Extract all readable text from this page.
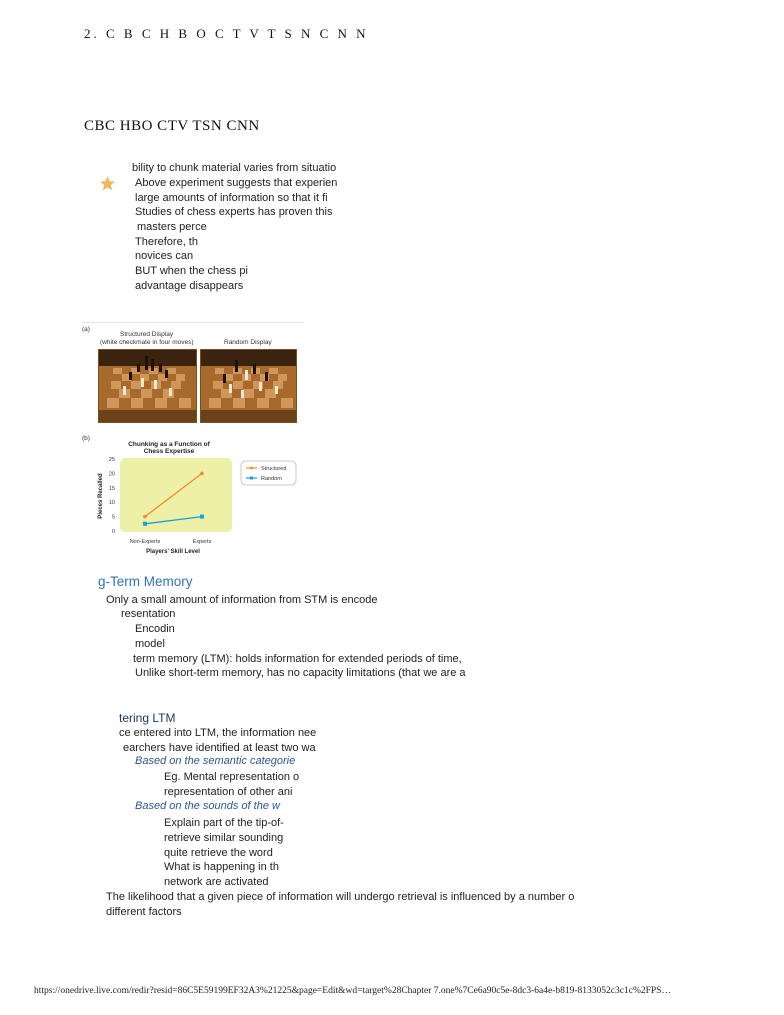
2. C B C H B O C T V T S N C N N
CBC HBO CTV TSN CNN
bility to chunk material varies from situatio
Above experiment suggests that experien
large amounts of information so that it fi
Studies of chess experts has proven this
masters perce
Therefore, th
novices can
BUT when the chess pi
advantage disappears
(a)
Structured Display
(white checkmate in four moves)	Random Display
(b)
Chunking as a Function of
Chess Expertise
0
5
10
15
20
25
Pieces Recalled
Non-Experts	Experts
Players' Skill Level
Structured
Random
g-Term Memory
Only a small amount of information from STM is encode
resentation
Encodin
model
term memory (LTM): holds information for extended periods of time,
Unlike short-term memory, has no capacity limitations (that we are a
tering LTM
ce entered into LTM, the information nee
earchers have identified at least two wa
Based on the semantic categorie
Eg. Mental representation o
representation of other ani
Based on the sounds of the w
Explain part of the tip-of-
retrieve similar sounding
quite retrieve the word
What is happening in th
network are activated
The likelihood that a given piece of information will undergo retrieval is influenced by a number o
different factors
https://onedrive.live.com/redir?resid=86C5E59199EF32A3%21225&page=Edit&wd=target%28Chapter 7.one%7Ce6a90c5e-8dc3-6a4e-b819-8133052c3c1c%2FPS…
